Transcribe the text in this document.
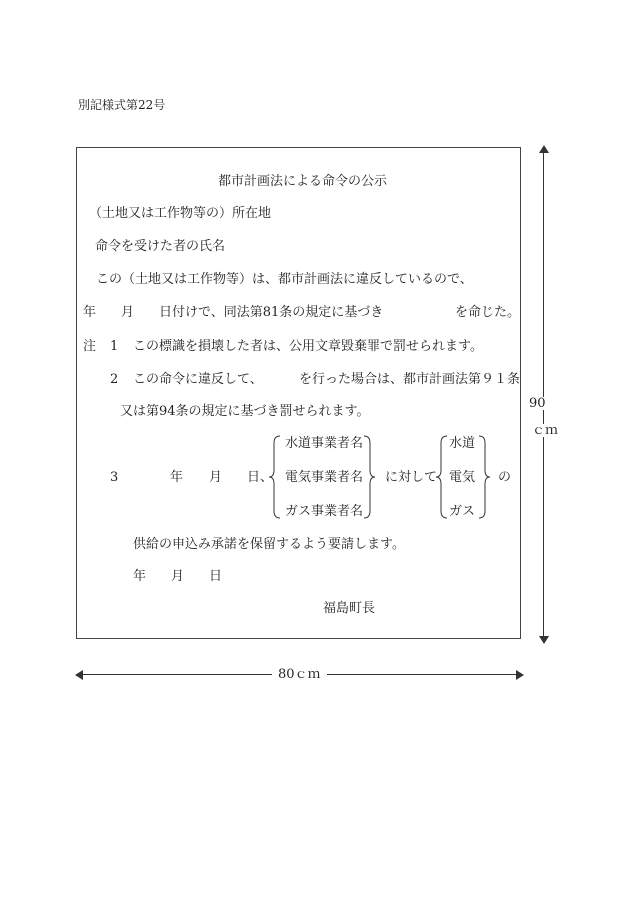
別記様式第22号
都市計画法による命令の公示
（土地又は工作物等の）所在地
命令を受けた者の氏名
この（土地又は工作物等）は、都市計画法に違反しているので、
年 月 日付けで、同法第81条の規定に基づき	を命じた。
注 1 この標識を損壊した者は、公用文章毀棄罪で罰せられます。
2 この命令に違反して、	を行った場合は、都市計画法第９１条
又は第94条の規定に基づき罰せられます。
3	年 月 日、
水道事業者名
電気事業者名
ガス事業者名
に対して
水道
電気
ガス
の
供給の申込み承諾を保留するよう要請します。
年 月 日
福島町長
90
ｃｍ
80ｃｍ
